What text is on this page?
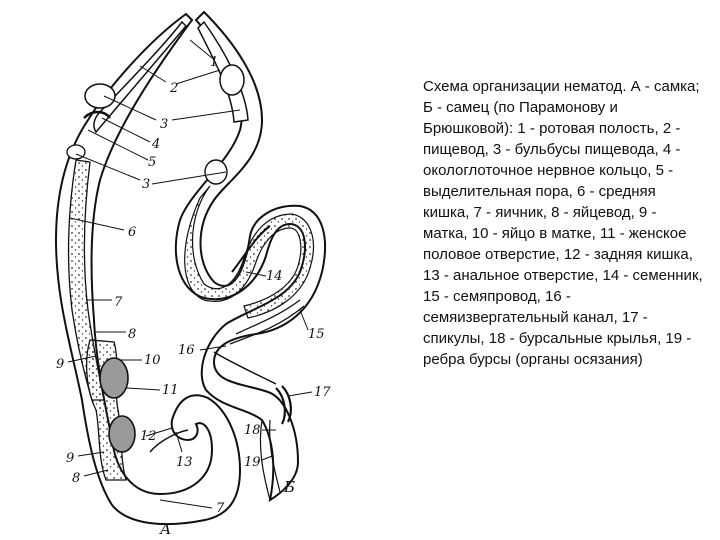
1
2
3
4
5
3
6
7
8
9	10
11
12
13
9
8
7
14
15
16
17
18
19
А
Б
Схема организации нематод. А - самка; Б - самец (по Парамонову и Брюшковой): 1 - ротовая полость, 2 - пищевод, 3 - бульбусы пищевода, 4 - окологлоточное нервное кольцо, 5 - выделительная пора, 6 - средняя кишка, 7 - яичник, 8 - яйцевод, 9 - матка, 10 - яйцо в матке, 11 - женское половое отверстие, 12 - задняя кишка, 13 - анальное отверстие, 14 - семенник, 15 - семяпровод, 16 - семяизвергательный канал, 17 - спикулы, 18 - бурсальные крылья, 19 - ребра бурсы (органы осязания)
